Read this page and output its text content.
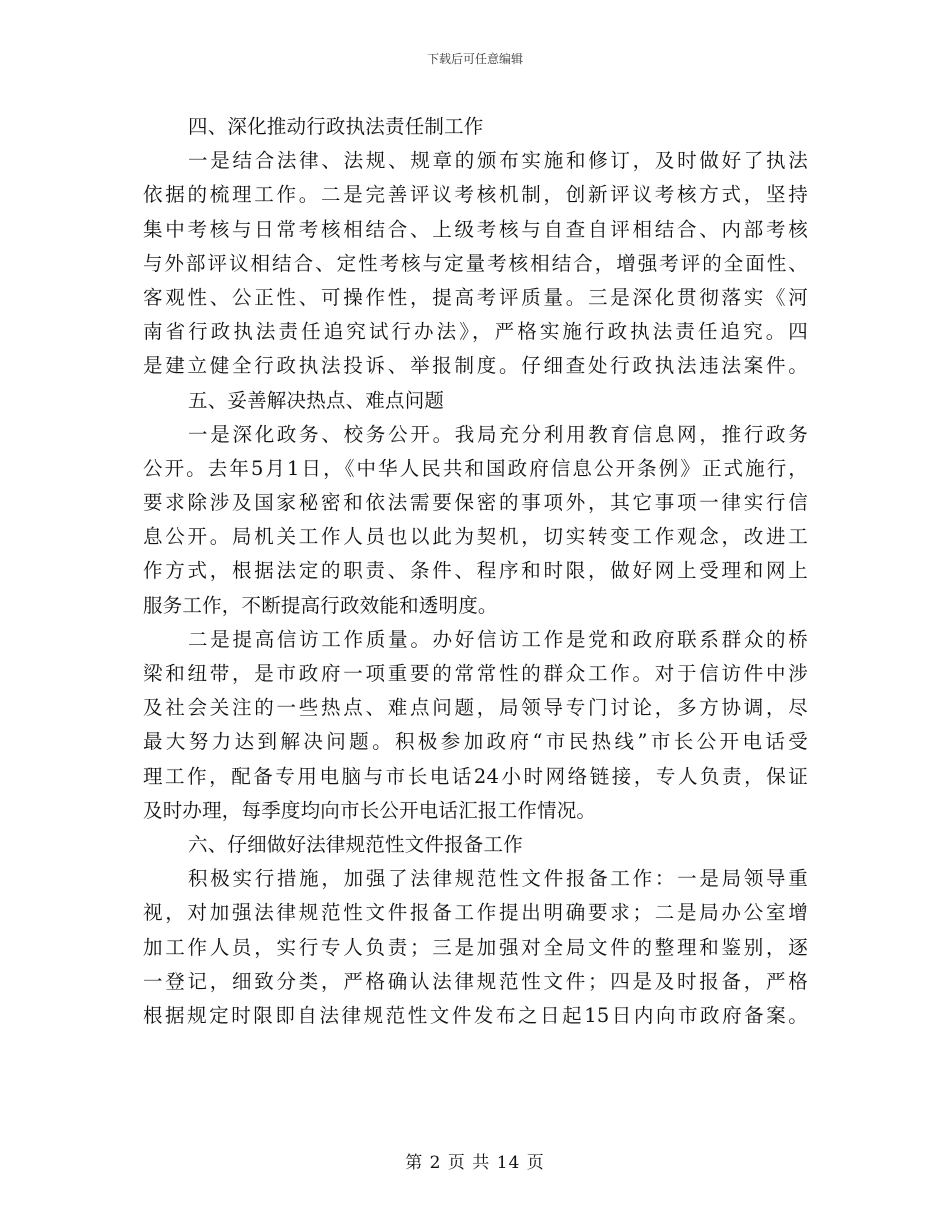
下载后可任意编辑
四、深化推动行政执法责任制工作
一是结合法律、法规、规章的颁布实施和修订，及时做好了执法
依据的梳理工作。二是完善评议考核机制，创新评议考核方式，坚持
集中考核与日常考核相结合、上级考核与自查自评相结合、内部考核
与外部评议相结合、定性考核与定量考核相结合，增强考评的全面性、
客观性、公正性、可操作性，提高考评质量。三是深化贯彻落实《河
南省行政执法责任追究试行办法》，严格实施行政执法责任追究。四
是建立健全行政执法投诉、举报制度。仔细查处行政执法违法案件。
五、妥善解决热点、难点问题
一是深化政务、校务公开。我局充分利用教育信息网，推行政务
公开。去年5月1日，《中华人民共和国政府信息公开条例》正式施行，
要求除涉及国家秘密和依法需要保密的事项外，其它事项一律实行信
息公开。局机关工作人员也以此为契机，切实转变工作观念，改进工
作方式，根据法定的职责、条件、程序和时限，做好网上受理和网上
服务工作，不断提高行政效能和透明度。
二是提高信访工作质量。办好信访工作是党和政府联系群众的桥
梁和纽带，是市政府一项重要的常常性的群众工作。对于信访件中涉
及社会关注的一些热点、难点问题，局领导专门讨论，多方协调，尽
最大努力达到解决问题。积极参加政府“市民热线”市长公开电话受
理工作，配备专用电脑与市长电话24小时网络链接，专人负责，保证
及时办理，每季度均向市长公开电话汇报工作情况。
六、仔细做好法律规范性文件报备工作
积极实行措施，加强了法律规范性文件报备工作：一是局领导重
视，对加强法律规范性文件报备工作提出明确要求；二是局办公室增
加工作人员，实行专人负责；三是加强对全局文件的整理和鉴别，逐
一登记，细致分类，严格确认法律规范性文件；四是及时报备，严格
根据规定时限即自法律规范性文件发布之日起15日内向市政府备案。
第 2 页 共 14 页
